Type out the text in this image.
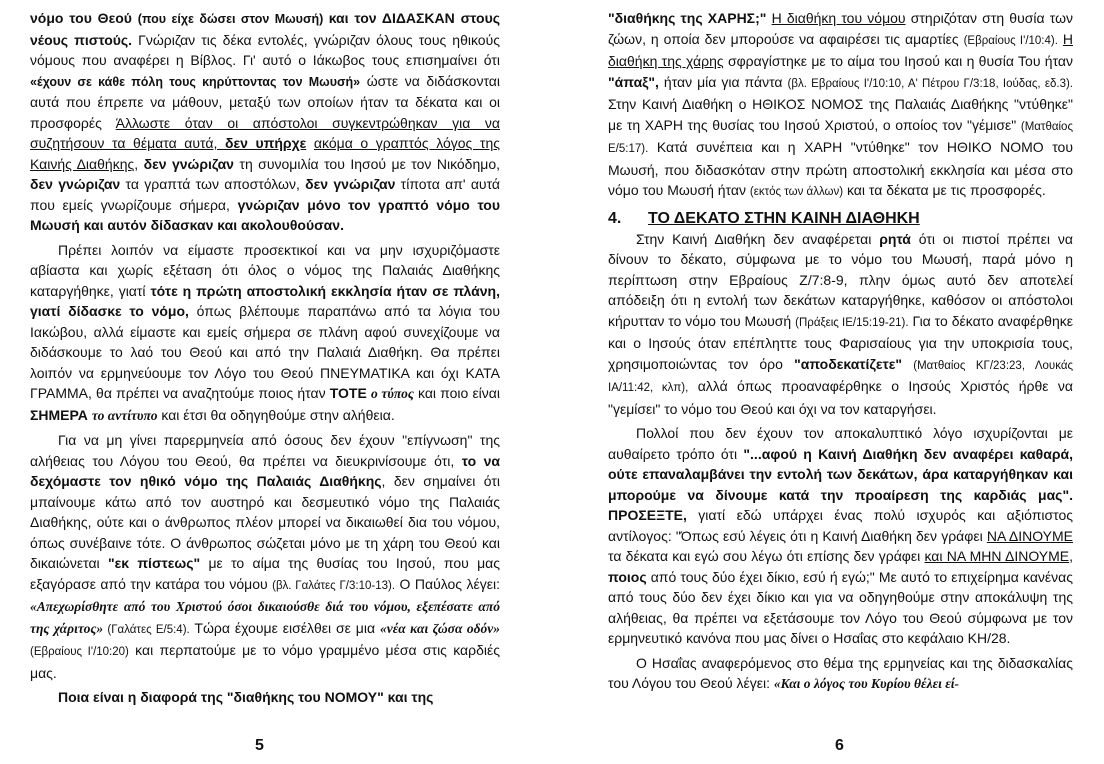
νόμο του Θεού (που είχε δώσει στον Μωυσή) και τον ΔΙΔΑΣΚΑΝ στους νέους πιστούς. Γνώριζαν τις δέκα εντολές, γνώριζαν όλους τους ηθικούς νόμους που αναφέρει η Βίβλος. Γι' αυτό ο Ιάκωβος τους επισημαίνει ότι «έχουν σε κάθε πόλη τους κηρύττοντας τον Μωυσή» ώστε να διδάσκονται αυτά που έπρεπε να μάθουν, μεταξύ των οποίων ήταν τα δέκατα και οι προσφορές Άλλωστε όταν οι απόστολοι συγκεντρώθηκαν για να συζητήσουν τα θέματα αυτά, δεν υπήρχε ακόμα ο γραπτός λόγος της Καινής Διαθήκης, δεν γνώριζαν τη συνομιλία του Ιησού με τον Νικόδημο, δεν γνώριζαν τα γραπτά των αποστόλων, δεν γνώριζαν τίποτα απ' αυτά που εμείς γνωρίζουμε σήμερα, γνώριζαν μόνο τον γραπτό νόμο του Μωυσή και αυτόν δίδασκαν και ακολουθούσαν.

Πρέπει λοιπόν να είμαστε προσεκτικοί και να μην ισχυριζόμαστε αβίαστα και χωρίς εξέταση ότι όλος ο νόμος της Παλαιάς Διαθήκης καταργήθηκε, γιατί τότε η πρώτη αποστολική εκκλησία ήταν σε πλάνη, γιατί δίδασκε το νόμο, όπως βλέπουμε παραπάνω από τα λόγια του Ιακώβου, αλλά είμαστε και εμείς σήμερα σε πλάνη αφού συνεχίζουμε να διδάσκουμε το λαό του Θεού και από την Παλαιά Διαθήκη. Θα πρέπει λοιπόν να ερμηνεύουμε τον Λόγο του Θεού ΠΝΕΥΜΑΤΙΚΑ και όχι ΚΑΤΑ ΓΡΑΜΜΑ, θα πρέπει να αναζητούμε ποιος ήταν ΤΟΤΕ ο τύπος και ποιο είναι ΣΗΜΕΡΑ το αντίτυπο και έτσι θα οδηγηθούμε στην αλήθεια.

Για να μη γίνει παρερμηνεία από όσους δεν έχουν "επίγνωση" της αλήθειας του Λόγου του Θεού, θα πρέπει να διευκρινίσουμε ότι, το να δεχόμαστε τον ηθικό νόμο της Παλαιάς Διαθήκης, δεν σημαίνει ότι μπαίνουμε κάτω από τον αυστηρό και δεσμευτικό νόμο της Παλαιάς Διαθήκης, ούτε και ο άνθρωπος πλέον μπορεί να δικαιωθεί δια του νόμου, όπως συνέβαινε τότε. Ο άνθρωπος σώζεται μόνο με τη χάρη του Θεού και δικαιώνεται "εκ πίστεως" με το αίμα της θυσίας του Ιησού, που μας εξαγόρασε από την κατάρα του νόμου (βλ. Γαλάτες Γ/3:10-13). Ο Παύλος λέγει: «Απεχωρίσθητε από του Χριστού όσοι δικαιούσθε διά του νόμου, εξεπέσατε από της χάριτος» (Γαλάτες Ε/5:4). Τώρα έχουμε εισέλθει σε μια «νέα και ζώσα οδόν» (Εβραίους Ι'/10:20) και περπατούμε με το νόμο γραμμένο μέσα στις καρδιές μας.

Ποια είναι η διαφορά της "διαθήκης του ΝΟΜΟΥ" και της

5

"διαθήκης της ΧΑΡΗΣ;" Η διαθήκη του νόμου στηριζόταν στη θυσία των ζώων, η οποία δεν μπορούσε να αφαιρέσει τις αμαρτίες (Εβραίους Ι'/10:4). Η διαθήκη της χάρης σφραγίστηκε με το αίμα του Ιησού και η θυσία Του ήταν "άπαξ", ήταν μία για πάντα (βλ. Εβραίους Ι'/10:10, Α' Πέτρου Γ/3:18, Ιούδας, εδ.3). Στην Καινή Διαθήκη ο ΗΘΙΚΟΣ ΝΟΜΟΣ της Παλαιάς Διαθήκης "ντύθηκε" με τη ΧΑΡΗ της θυσίας του Ιησού Χριστού, ο οποίος τον "γέμισε" (Ματθαίος Ε/5:17). Κατά συνέπεια και η ΧΑΡΗ "ντύθηκε" τον ΗΘΙΚΟ ΝΟΜΟ του Μωυσή, που διδασκόταν στην πρώτη αποστολική εκκλησία και μέσα στο νόμο του Μωυσή ήταν (εκτός των άλλων) και τα δέκατα με τις προσφορές.

4.	ΤΟ ΔΕΚΑΤΟ ΣΤΗΝ ΚΑΙΝΗ ΔΙΑΘΗΚΗ

Στην Καινή Διαθήκη δεν αναφέρεται ρητά ότι οι πιστοί πρέπει να δίνουν το δέκατο, σύμφωνα με το νόμο του Μωυσή, παρά μόνο η περίπτωση στην Εβραίους Ζ/7:8-9, πλην όμως αυτό δεν αποτελεί απόδειξη ότι η εντολή των δεκάτων καταργήθηκε, καθόσον οι απόστολοι κήρυτταν το νόμο του Μωυσή (Πράξεις ΙΕ/15:19-21). Για το δέκατο αναφέρθηκε και ο Ιησούς όταν επέπληττε τους Φαρισαίους για την υποκρισία τους, χρησιμοποιώντας τον όρο "αποδεκατίζετε" (Ματθαίος ΚΓ/23:23, Λουκάς ΙΑ/11:42, κλπ), αλλά όπως προαναφέρθηκε ο Ιησούς Χριστός ήρθε να "γεμίσει" το νόμο του Θεού και όχι να τον καταργήσει.

Πολλοί που δεν έχουν τον αποκαλυπτικό λόγο ισχυρίζονται με αυθαίρετο τρόπο ότι "...αφού η Καινή Διαθήκη δεν αναφέρει καθαρά, ούτε επαναλαμβάνει την εντολή των δεκάτων, άρα καταργήθηκαν και μπορούμε να δίνουμε κατά την προαίρεση της καρδιάς μας". ΠΡΟΣΕΞΤΕ, γιατί εδώ υπάρχει ένας πολύ ισχυρός και αξιόπιστος αντίλογος: "Όπως εσύ λέγεις ότι η Καινή Διαθήκη δεν γράφει ΝΑ ΔΙΝΟΥΜΕ τα δέκατα και εγώ σου λέγω ότι επίσης δεν γράφει και ΝΑ ΜΗΝ ΔΙΝΟΥΜΕ, ποιος από τους δύο έχει δίκιο, εσύ ή εγώ;" Με αυτό το επιχείρημα κανένας από τους δύο δεν έχει δίκιο και για να οδηγηθούμε στην αποκάλυψη της αλήθειας, θα πρέπει να εξετάσουμε τον Λόγο του Θεού σύμφωνα με τον ερμηνευτικό κανόνα που μας δίνει ο Ησαΐας στο κεφάλαιο ΚΗ/28.

Ο Ησαΐας αναφερόμενος στο θέμα της ερμηνείας και της διδασκαλίας του Λόγου του Θεού λέγει: «Και ο λόγος του Κυρίου θέλει εί-

6
